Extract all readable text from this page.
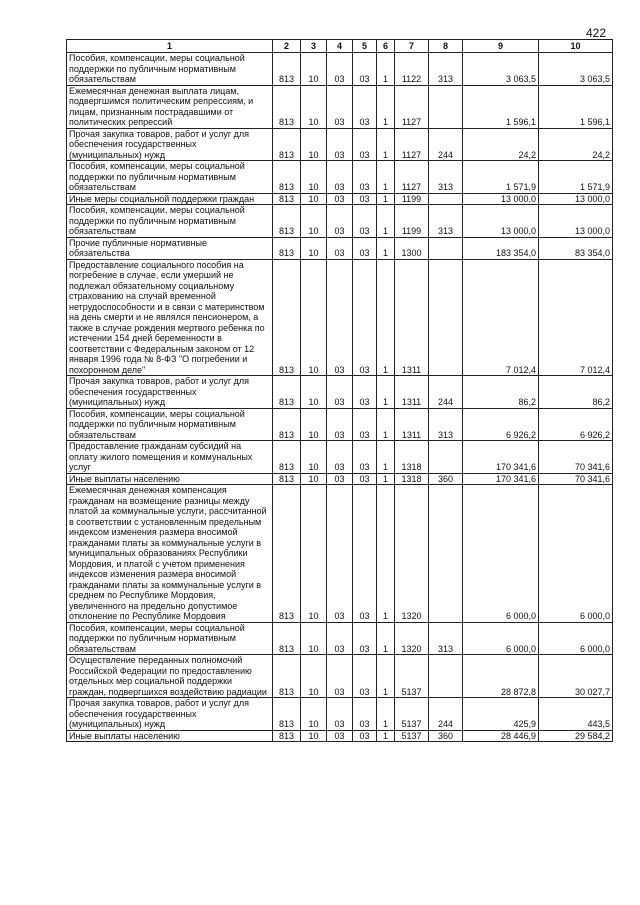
422
1	2	3	4	5	6	7	8	9	10
Пособия, компенсации, меры социальной поддержки по публичным нормативным обязательствам	813	10	03	03	1	1122	313	3 063,5	3 063,5
Ежемесячная денежная выплата лицам, подвергшимся политическим репрессиям, и лицам, признанным пострадавшими от политических репрессий	813	10	03	03	1	1127		1 596,1	1 596,1
Прочая закупка товаров, работ и услуг для обеспечения государственных (муниципальных) нужд	813	10	03	03	1	1127	244	24,2	24,2
Пособия, компенсации, меры социальной поддержки по публичным нормативным обязательствам	813	10	03	03	1	1127	313	1 571,9	1 571,9
Иные меры социальной поддержки граждан	813	10	03	03	1	1199		13 000,0	13 000,0
Пособия, компенсации, меры социальной поддержки по публичным нормативным обязательствам	813	10	03	03	1	1199	313	13 000,0	13 000,0
Прочие публичные нормативные обязательства	813	10	03	03	1	1300		183 354,0	83 354,0
Предоставление социального пособия на погребение в случае, если умерший не подлежал обязательному социальному страхованию на случай временной нетрудоспособности и в связи с материнством на день смерти и не являлся пенсионером, а также в случае рождения мертвого ребенка по истечении 154 дней беременности в соответствии с Федеральным законом от 12 января 1996 года № 8-ФЗ "О погребении и похоронном деле"	813	10	03	03	1	1311		7 012,4	7 012,4
Прочая закупка товаров, работ и услуг для обеспечения государственных (муниципальных) нужд	813	10	03	03	1	1311	244	86,2	86,2
Пособия, компенсации, меры социальной поддержки по публичным нормативным обязательствам	813	10	03	03	1	1311	313	6 926,2	6 926,2
Предоставление гражданам субсидий на оплату жилого помещения и коммунальных услуг	813	10	03	03	1	1318		170 341,6	70 341,6
Иные выплаты населению	813	10	03	03	1	1318	360	170 341,6	70 341,6
Ежемесячная денежная компенсация гражданам на возмещение разницы между платой за коммунальные услуги, рассчитанной в соответствии с установленным предельным индексом изменения размера вносимой гражданами платы за коммунальные услуги в муниципальных образованиях Республики Мордовия, и платой с учетом применения индексов изменения размера вносимой гражданами платы за коммунальные услуги в среднем по Республике Мордовия, увеличенного на предельно допустимое отклонение по Республике Мордовия	813	10	03	03	1	1320		6 000,0	6 000,0
Пособия, компенсации, меры социальной поддержки по публичным нормативным обязательствам	813	10	03	03	1	1320	313	6 000,0	6 000,0
Осуществление переданных полномочий Российской Федерации по предоставлению отдельных мер социальной поддержки граждан, подвергшихся воздействию радиации	813	10	03	03	1	5137		28 872,8	30 027,7
Прочая закупка товаров, работ и услуг для обеспечения государственных (муниципальных) нужд	813	10	03	03	1	5137	244	425,9	443,5
Иные выплаты населению	813	10	03	03	1	5137	360	28 446,9	29 584,2
